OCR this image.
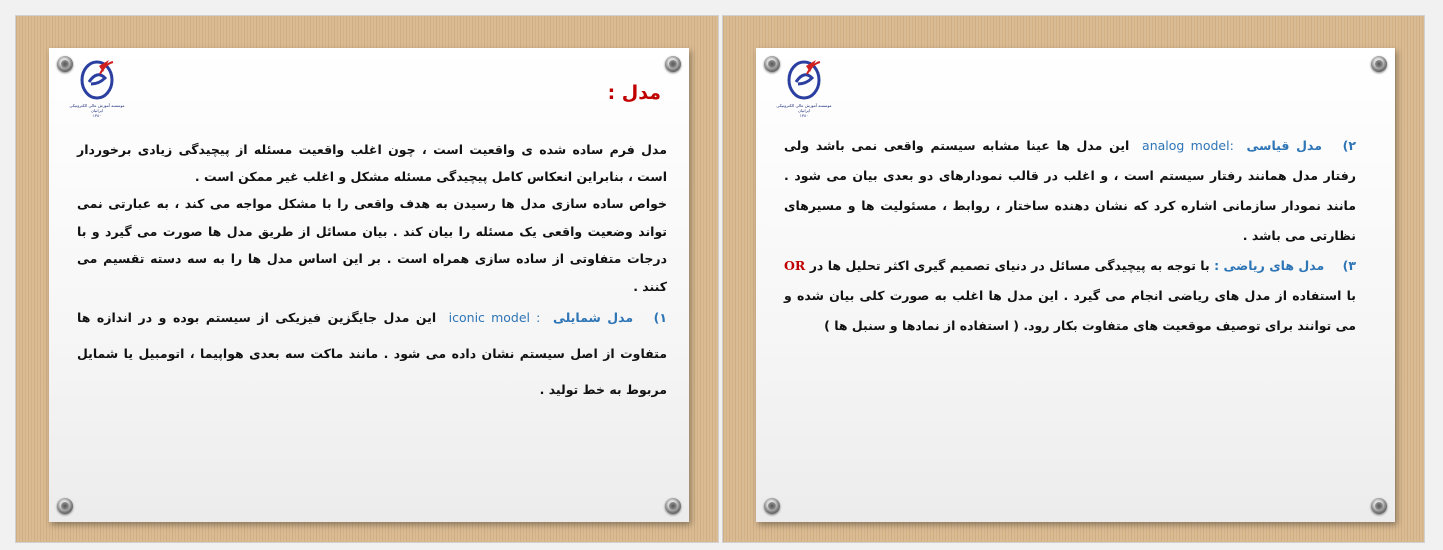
موسسه آموزش عالی الکترونیکی ایرانیان
۱۳۸۰
مدل :

مدل فرم ساده شده ی واقعیت است ، چون اغلب واقعیت مسئله از پیچیدگی زیادی برخوردار است ، بنابراین انعکاس کامل پیچیدگی مسئله مشکل و اغلب غیر ممکن است .

خواص ساده سازی مدل ها رسیدن به هدف واقعی را با مشکل مواجه می کند ، به عبارتی نمی تواند وضعیت واقعی یک مسئله را بیان کند . بیان مسائل از طریق مدل ها صورت می گیرد و با درجات متفاوتی از ساده سازی همراه است . بر این اساس مدل ها را به سه دسته تقسیم می کنند .

۱) مدل شمایلی iconic model : این مدل جایگزین فیزیکی از سیستم بوده و در اندازه ها متفاوت از اصل سیستم نشان داده می شود . مانند ماکت سه بعدی هواپیما ، اتومبیل یا شمایل مربوط به خط تولید .

موسسه آموزش عالی الکترونیکی ایرانیان
۱۳۸۰

۲) مدل قیاسی analog model: این مدل ها عینا مشابه سیستم واقعی نمی باشد ولی رفتار مدل همانند رفتار سیستم است ، و اغلب در قالب نمودارهای دو بعدی بیان می شود . مانند نمودار سازمانی اشاره کرد که نشان دهنده ساختار ، روابط ، مسئولیت ها و مسیرهای نظارتی می باشد .

۳) مدل های ریاضی : با توجه به پیچیدگی مسائل در دنیای تصمیم گیری اکثر تحلیل ها در OR با استفاده از مدل های ریاضی انجام می گیرد . این مدل ها اغلب به صورت کلی بیان شده و می توانند برای توصیف موقعیت های متفاوت بکار رود. ( استفاده از نمادها و سنبل ها )
